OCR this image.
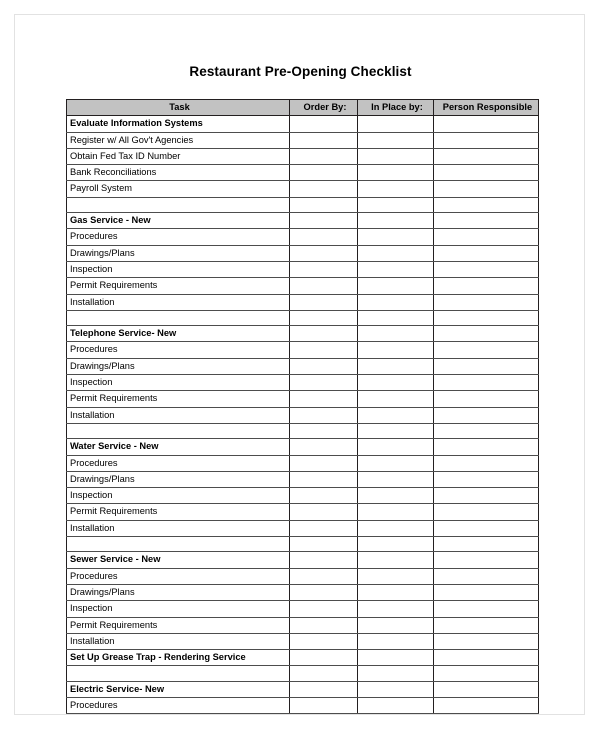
Restaurant Pre-Opening Checklist
Task	Order By:	In Place by:	Person Responsible
Evaluate Information Systems			
Register w/ All Gov't Agencies			
Obtain Fed Tax ID Number			
Bank Reconciliations			
Payroll System			

Gas Service - New			
Procedures			
Drawings/Plans			
Inspection			
Permit Requirements			
Installation			

Telephone Service- New			
Procedures			
Drawings/Plans			
Inspection			
Permit Requirements			
Installation			

Water Service - New			
Procedures			
Drawings/Plans			
Inspection			
Permit Requirements			
Installation			

Sewer Service - New			
Procedures			
Drawings/Plans			
Inspection			
Permit Requirements			
Installation			
Set Up Grease Trap - Rendering Service			

Electric Service- New			
Procedures			
